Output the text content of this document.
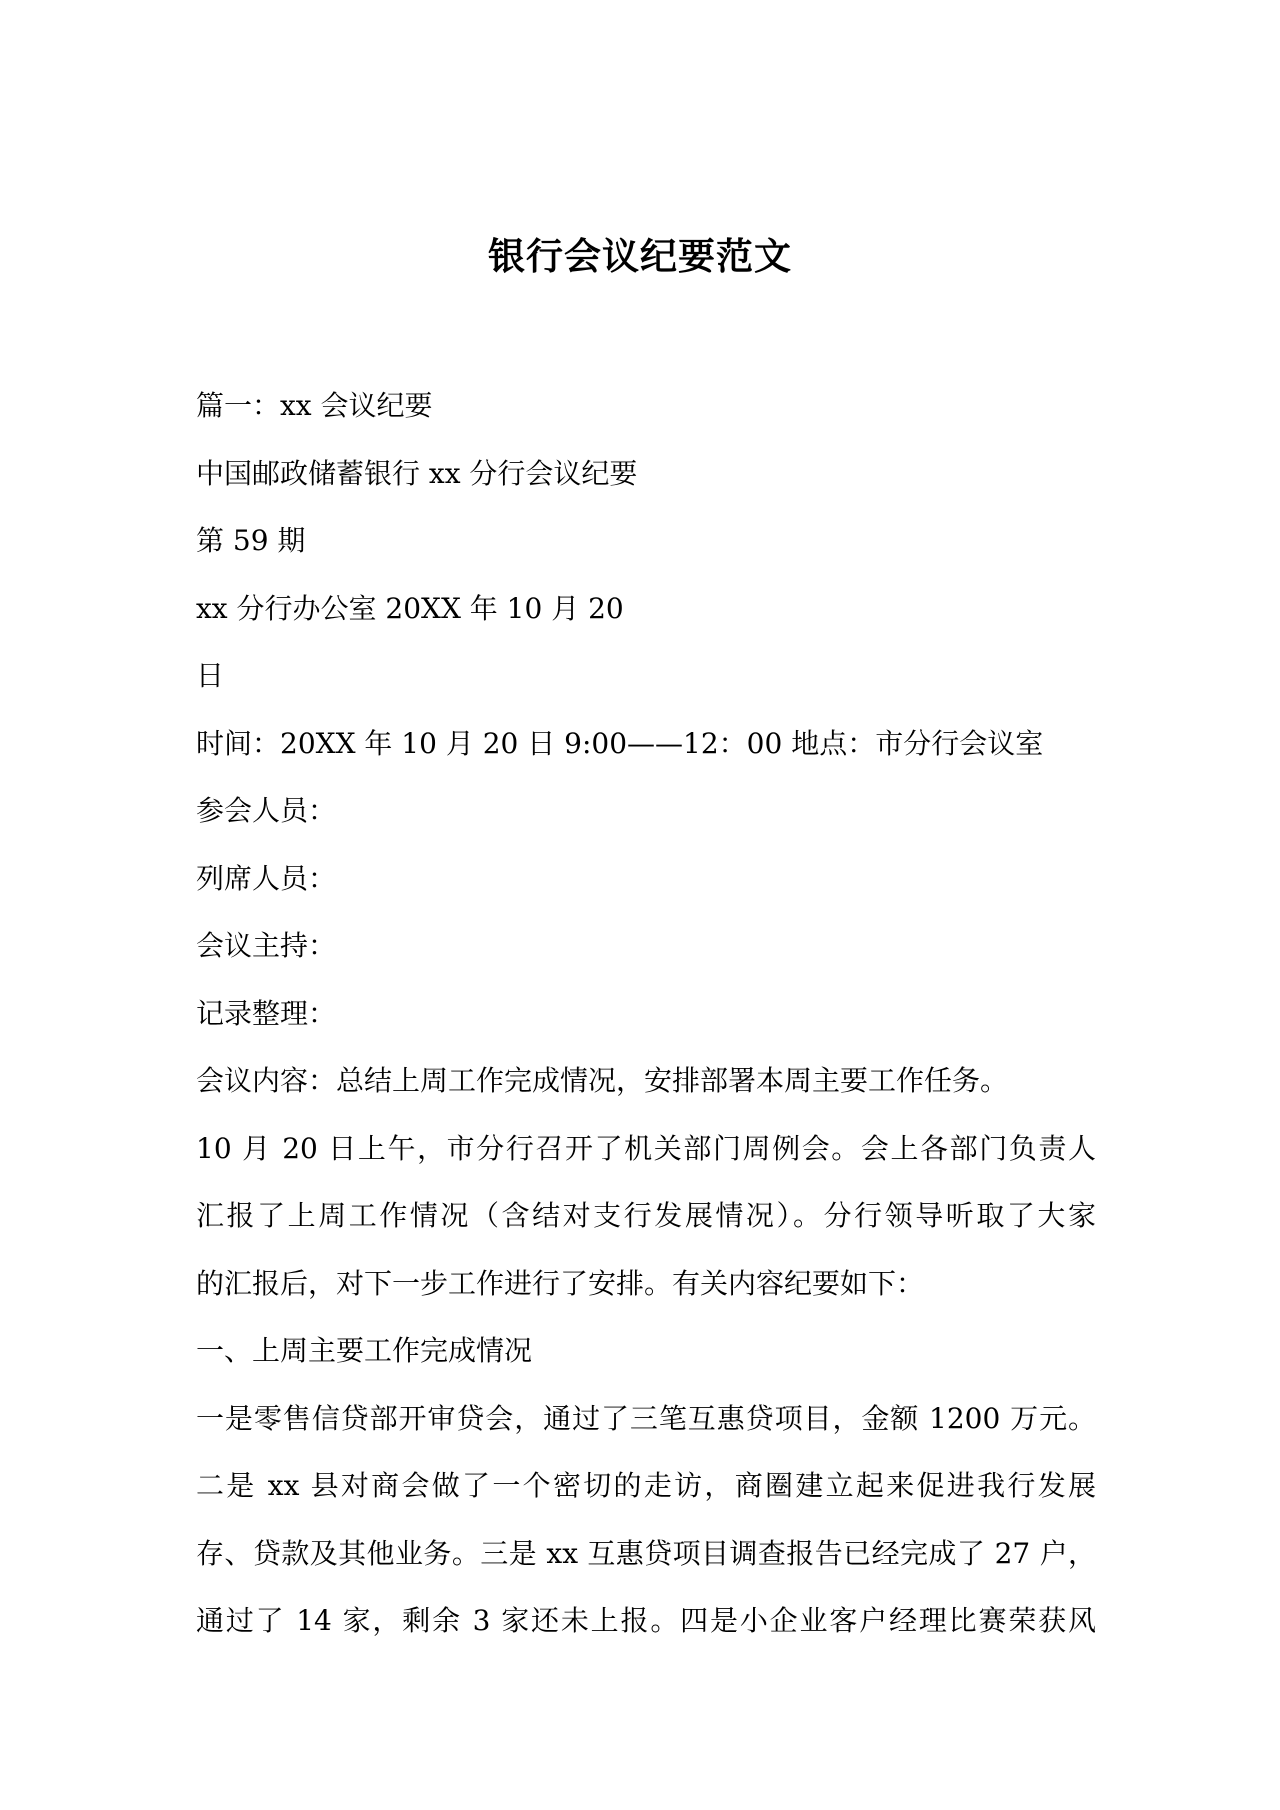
银行会议纪要范文
篇一：xx 会议纪要
中国邮政储蓄银行 xx 分行会议纪要
第 59 期
xx 分行办公室 20XX 年 10 月 20
日
时间：20XX 年 10 月 20 日 9:00——12：00 地点：市分行会议室
参会人员：
列席人员：
会议主持：
记录整理：
会议内容：总结上周工作完成情况，安排部署本周主要工作任务。
10 月 20 日上午，市分行召开了机关部门周例会。会上各部门负责人
汇报了上周工作情况（含结对支行发展情况）。分行领导听取了大家
的汇报后，对下一步工作进行了安排。有关内容纪要如下：
一、上周主要工作完成情况
一是零售信贷部开审贷会，通过了三笔互惠贷项目，金额 1200 万元。
二是 xx 县对商会做了一个密切的走访，商圈建立起来促进我行发展
存、贷款及其他业务。三是 xx 互惠贷项目调查报告已经完成了 27 户，
通过了 14 家，剩余 3 家还未上报。四是小企业客户经理比赛荣获风
